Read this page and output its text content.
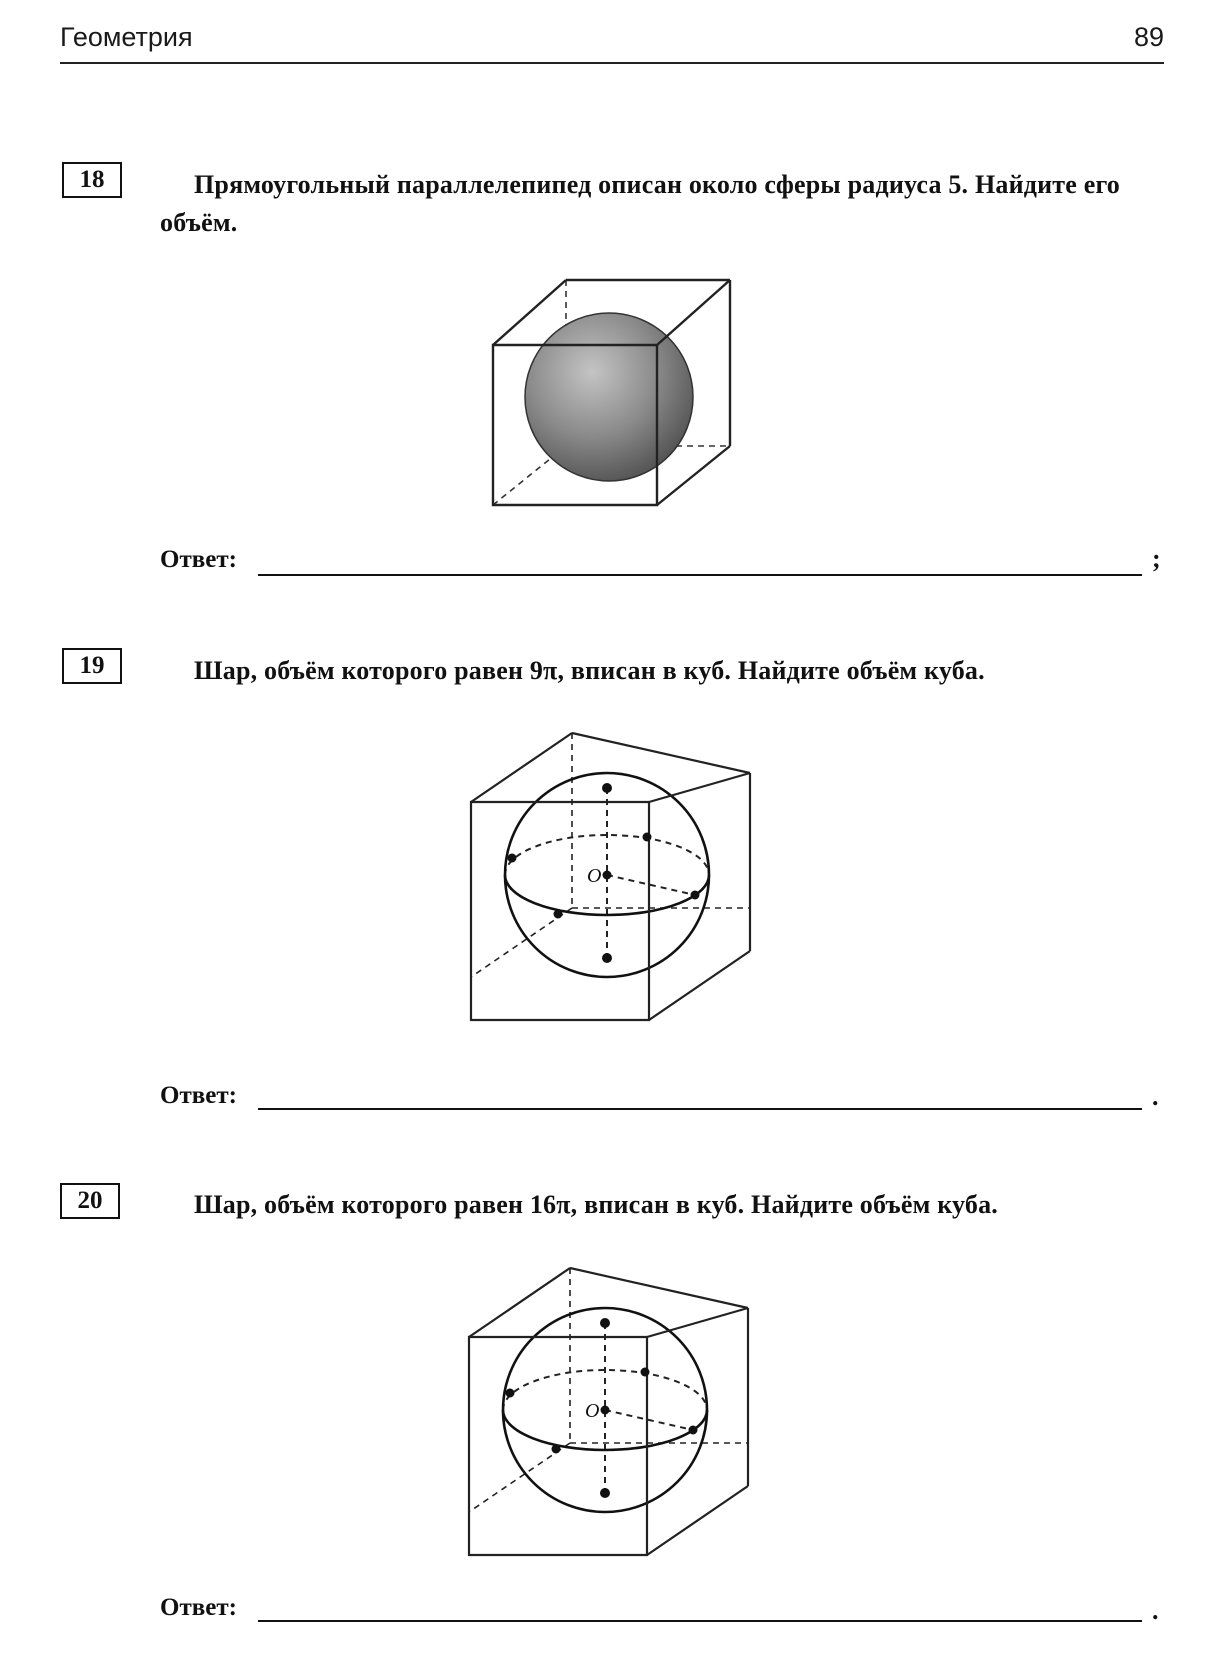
Геометрия	89
18	Прямоугольный параллелепипед описан около сферы радиуса 5. Найдите его объём.
Ответ:	;
19	Шар, объём которого равен 9π, вписан в куб. Найдите объём куба.
O
Ответ:	.
20	Шар, объём которого равен 16π, вписан в куб. Найдите объём куба.
O
Ответ:	.
